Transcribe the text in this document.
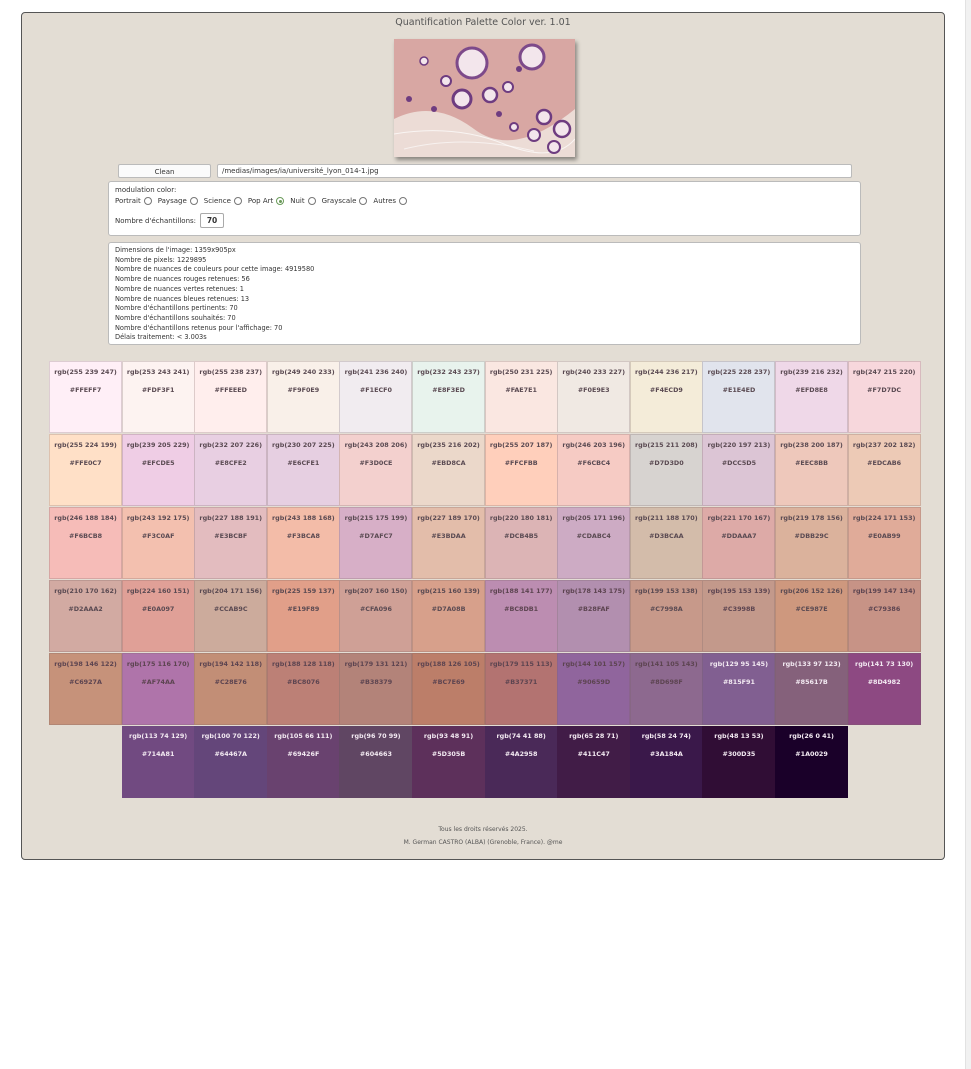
Quantification Palette Color ver. 1.01
Clean	/medias/images/ia/université_lyon_014-1.jpg
modulation color:
Portrait Paysage Science Pop Art Nuit Grayscale Autres
Nombre d'échantillons:	70
Dimensions de l'image: 1359x905px
Nombre de pixels: 1229895
Nombre de nuances de couleurs pour cette image: 4919580
Nombre de nuances rouges retenues: 56
Nombre de nuances vertes retenues: 1
Nombre de nuances bleues retenues: 13
Nombre d'échantillons pertinents: 70
Nombre d'échantillons souhaités: 70
Nombre d'échantillons retenus pour l'affichage: 70
Délais traitement: < 3.003s
rgb(255 239 247)
#FFEFF7
rgb(253 243 241)
#FDF3F1
rgb(255 238 237)
#FFEEED
rgb(249 240 233)
#F9F0E9
rgb(241 236 240)
#F1ECF0
rgb(232 243 237)
#E8F3ED
rgb(250 231 225)
#FAE7E1
rgb(240 233 227)
#F0E9E3
rgb(244 236 217)
#F4ECD9
rgb(225 228 237)
#E1E4ED
rgb(239 216 232)
#EFD8E8
rgb(247 215 220)
#F7D7DC
rgb(255 224 199)
#FFE0C7
rgb(239 205 229)
#EFCDE5
rgb(232 207 226)
#E8CFE2
rgb(230 207 225)
#E6CFE1
rgb(243 208 206)
#F3D0CE
rgb(235 216 202)
#EBD8CA
rgb(255 207 187)
#FFCFBB
rgb(246 203 196)
#F6CBC4
rgb(215 211 208)
#D7D3D0
rgb(220 197 213)
#DCC5D5
rgb(238 200 187)
#EEC8BB
rgb(237 202 182)
#EDCAB6
rgb(246 188 184)
#F6BCB8
rgb(243 192 175)
#F3C0AF
rgb(227 188 191)
#E3BCBF
rgb(243 188 168)
#F3BCA8
rgb(215 175 199)
#D7AFC7
rgb(227 189 170)
#E3BDAA
rgb(220 180 181)
#DCB4B5
rgb(205 171 196)
#CDABC4
rgb(211 188 170)
#D3BCAA
rgb(221 170 167)
#DDAAA7
rgb(219 178 156)
#DBB29C
rgb(224 171 153)
#E0AB99
rgb(210 170 162)
#D2AAA2
rgb(224 160 151)
#E0A097
rgb(204 171 156)
#CCAB9C
rgb(225 159 137)
#E19F89
rgb(207 160 150)
#CFA096
rgb(215 160 139)
#D7A08B
rgb(188 141 177)
#BC8DB1
rgb(178 143 175)
#B28FAF
rgb(199 153 138)
#C7998A
rgb(195 153 139)
#C3998B
rgb(206 152 126)
#CE987E
rgb(199 147 134)
#C79386
rgb(198 146 122)
#C6927A
rgb(175 116 170)
#AF74AA
rgb(194 142 118)
#C28E76
rgb(188 128 118)
#BC8076
rgb(179 131 121)
#B38379
rgb(188 126 105)
#BC7E69
rgb(179 115 113)
#B37371
rgb(144 101 157)
#90659D
rgb(141 105 143)
#8D698F
rgb(129 95 145)
#815F91
rgb(133 97 123)
#85617B
rgb(141 73 130)
#8D4982
rgb(113 74 129)
#714A81
rgb(100 70 122)
#64467A
rgb(105 66 111)
#69426F
rgb(96 70 99)
#604663
rgb(93 48 91)
#5D305B
rgb(74 41 88)
#4A2958
rgb(65 28 71)
#411C47
rgb(58 24 74)
#3A184A
rgb(48 13 53)
#300D35
rgb(26 0 41)
#1A0029
Tous les droits réservés 2025.
M. German CASTRO (ALBA) (Grenoble, France). @me
